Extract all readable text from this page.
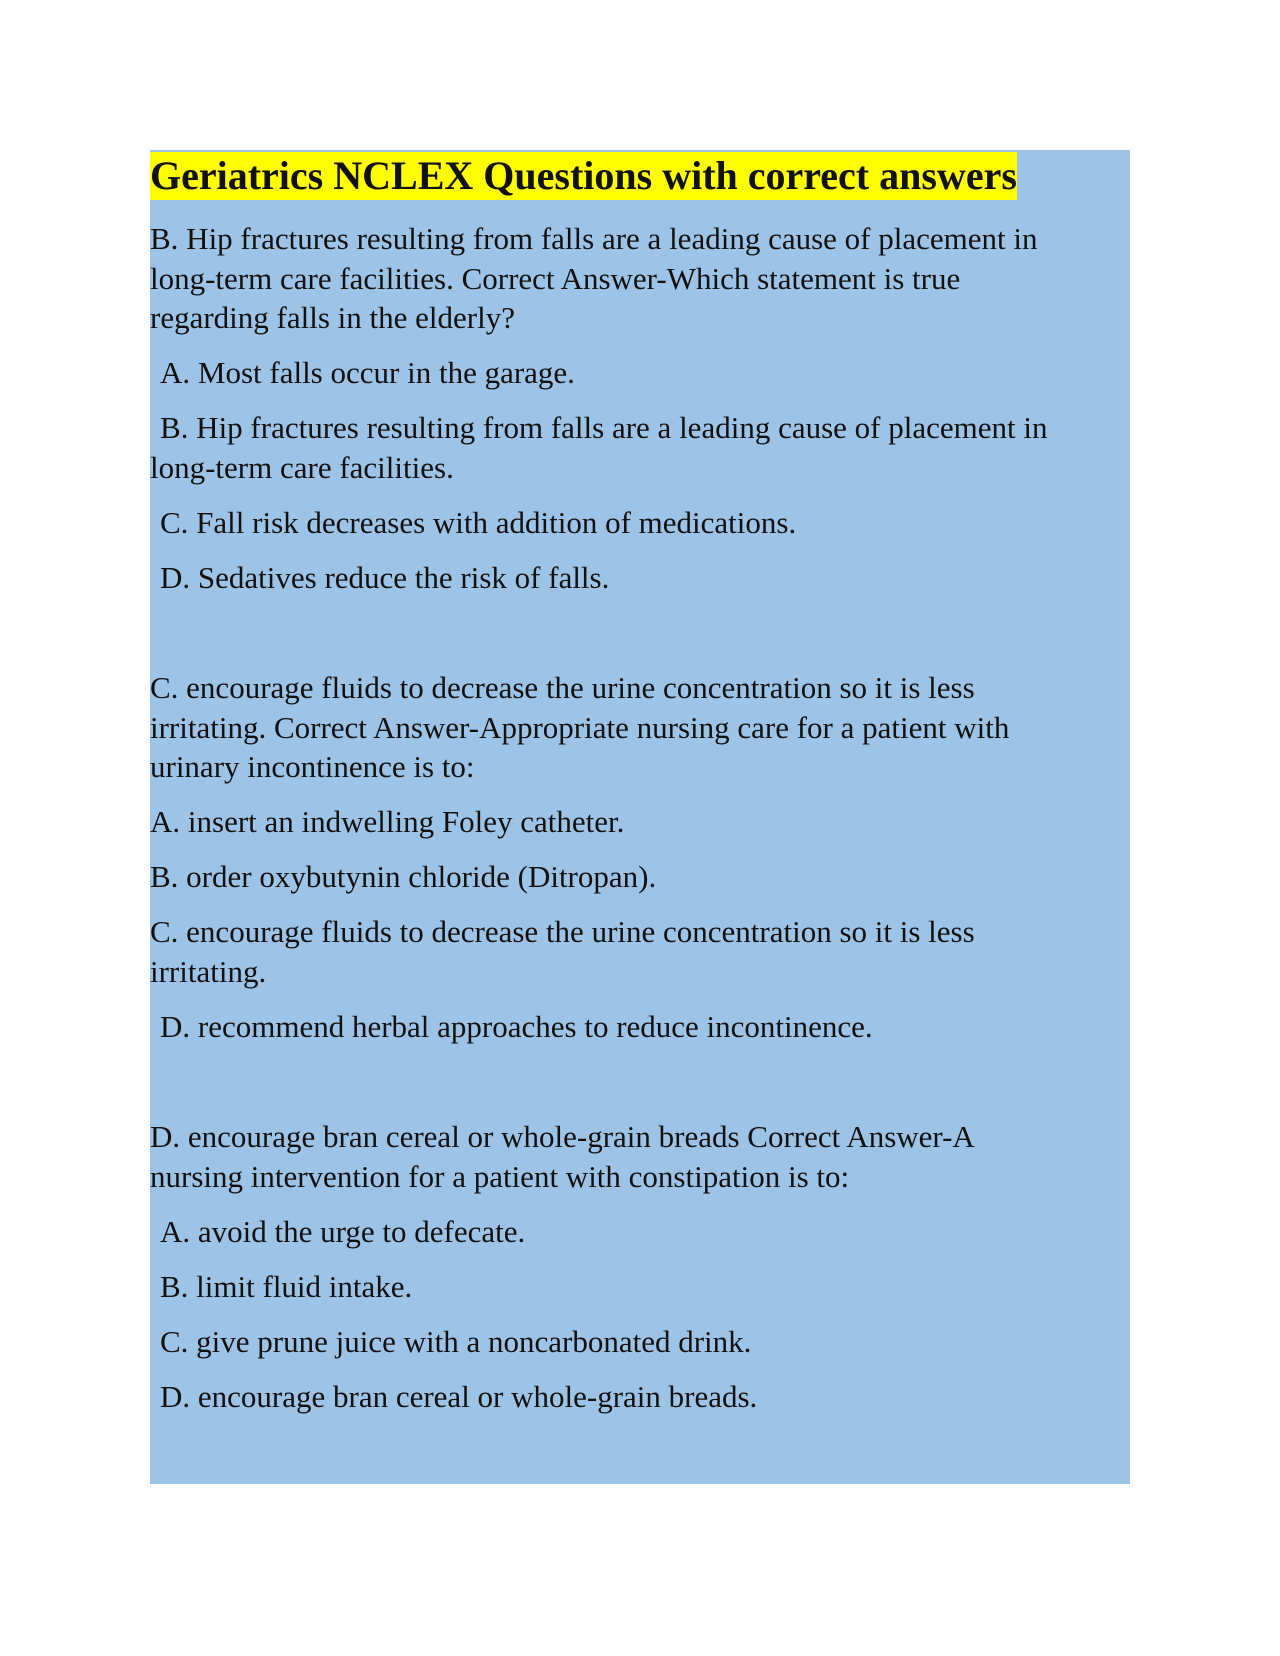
Geriatrics NCLEX Questions with correct answers
B. Hip fractures resulting from falls are a leading cause of placement in
long-term care facilities. Correct Answer-Which statement is true
regarding falls in the elderly?
A. Most falls occur in the garage.
B. Hip fractures resulting from falls are a leading cause of placement in
long-term care facilities.
C. Fall risk decreases with addition of medications.
D. Sedatives reduce the risk of falls.
C. encourage fluids to decrease the urine concentration so it is less
irritating. Correct Answer-Appropriate nursing care for a patient with
urinary incontinence is to:
A. insert an indwelling Foley catheter.
B. order oxybutynin chloride (Ditropan).
C. encourage fluids to decrease the urine concentration so it is less
irritating.
D. recommend herbal approaches to reduce incontinence.
D. encourage bran cereal or whole-grain breads Correct Answer-A
nursing intervention for a patient with constipation is to:
A. avoid the urge to defecate.
B. limit fluid intake.
C. give prune juice with a noncarbonated drink.
D. encourage bran cereal or whole-grain breads.
